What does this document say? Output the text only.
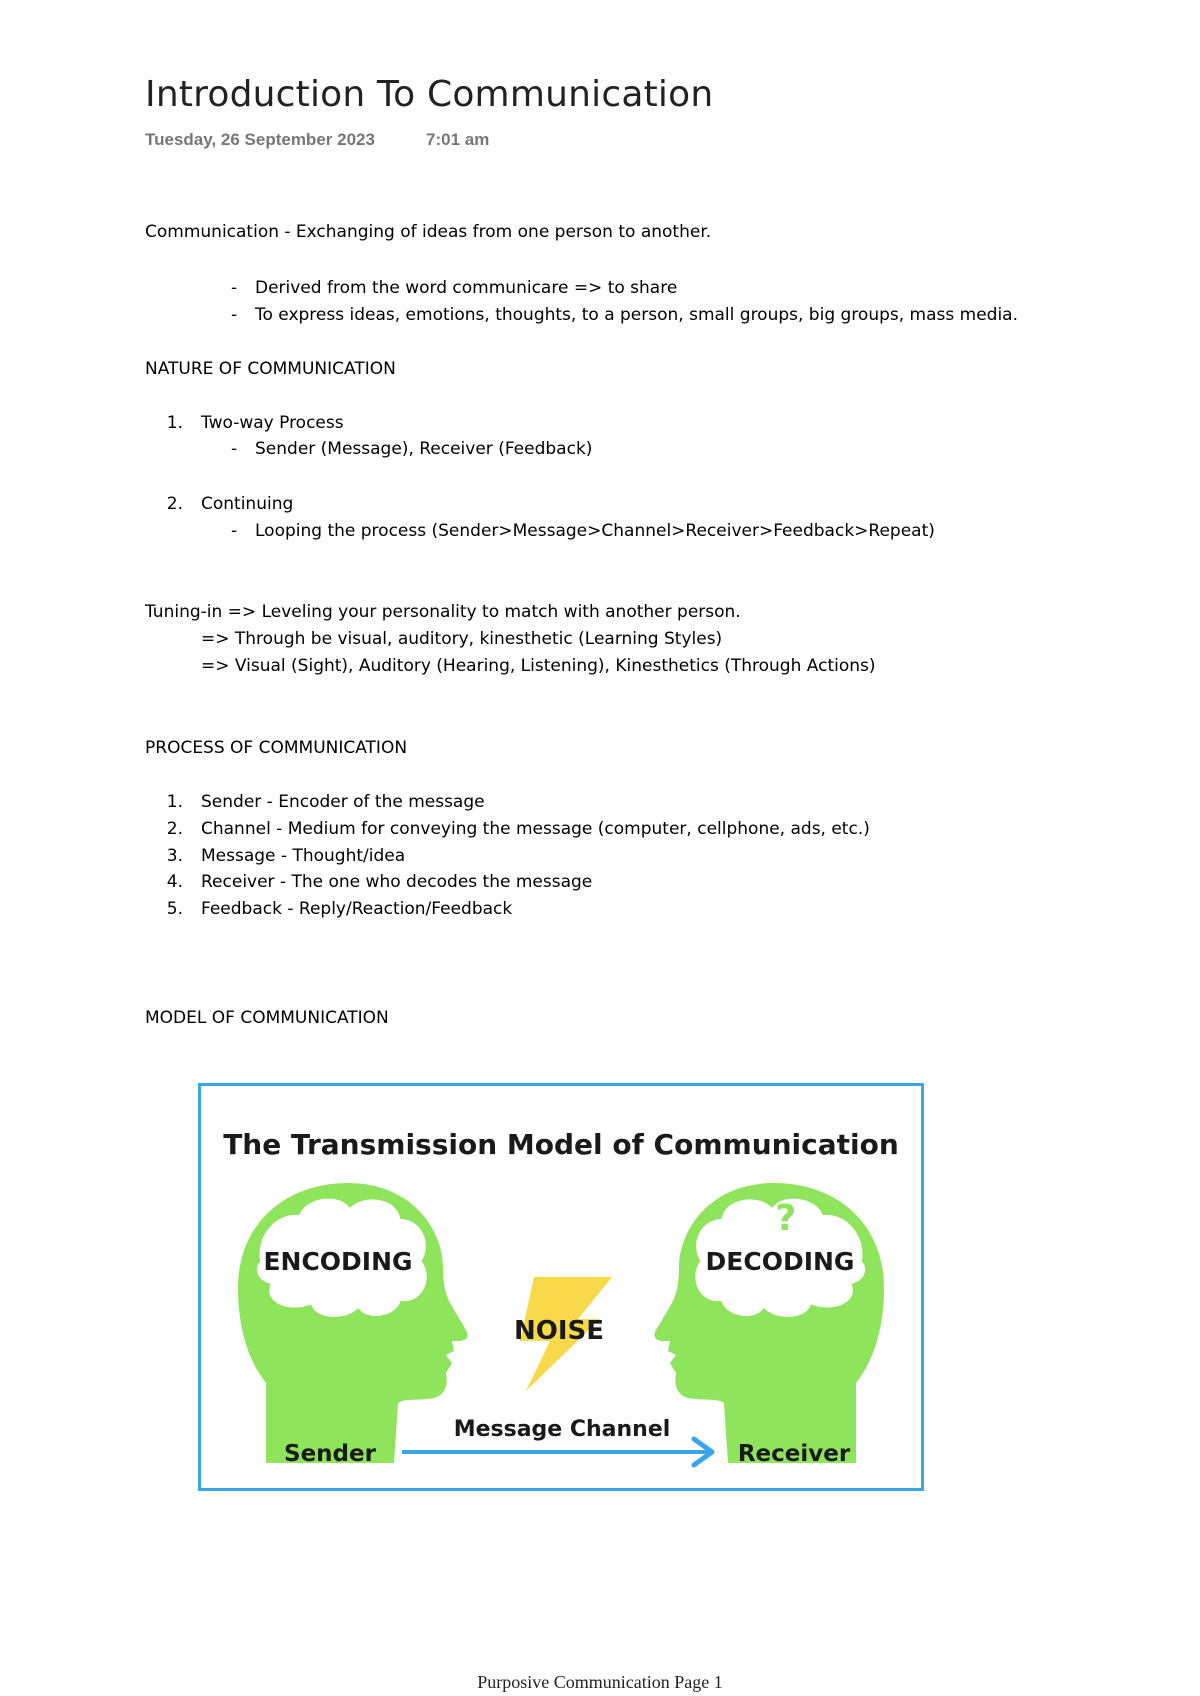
Introduction To Communication
Tuesday, 26 September 2023	7:01 am
Communication - Exchanging of ideas from one person to another.
-	Derived from the word communicare => to share
-	To express ideas, emotions, thoughts, to a person, small groups, big groups, mass media.
NATURE OF COMMUNICATION
1. Two-way Process
-	Sender (Message), Receiver (Feedback)
2. Continuing
-	Looping the process (Sender>Message>Channel>Receiver>Feedback>Repeat)
Tuning-in => Leveling your personality to match with another person.
=> Through be visual, auditory, kinesthetic (Learning Styles)
=> Visual (Sight), Auditory (Hearing, Listening), Kinesthetics (Through Actions)
PROCESS OF COMMUNICATION
1. Sender - Encoder of the message
2. Channel - Medium for conveying the message (computer, cellphone, ads, etc.)
3. Message - Thought/idea
4. Receiver - The one who decodes the message
5. Feedback - Reply/Reaction/Feedback
MODEL OF COMMUNICATION
The Transmission Model of Communication
ENCODING	DECODING
?
NOISE
Message Channel
Sender	Receiver
Purposive Communication Page 1
